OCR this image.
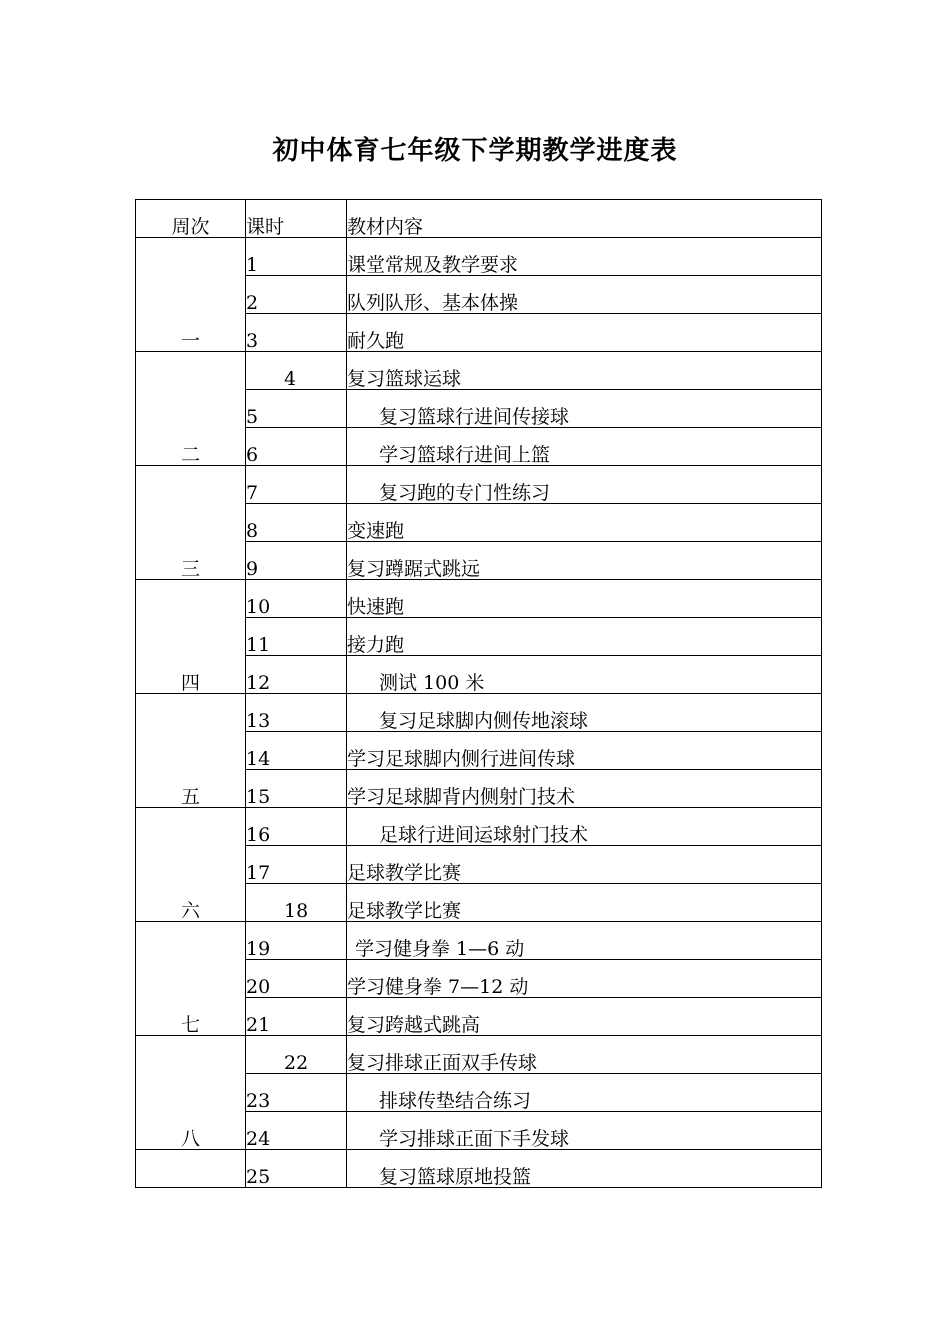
初中体育七年级下学期教学进度表
周次	课时	教材内容
一	1	课堂常规及教学要求
	2	队列队形、基本体操
	3	耐久跑
二	4	复习篮球运球
	5	复习篮球行进间传接球
	6	学习篮球行进间上篮
三	7	复习跑的专门性练习
	8	变速跑
	9	复习蹲踞式跳远
四	10	快速跑
	11	接力跑
	12	测试 100 米
五	13	复习足球脚内侧传地滚球
	14	学习足球脚内侧行进间传球
	15	学习足球脚背内侧射门技术
六	16	足球行进间运球射门技术
	17	足球教学比赛
	18	足球教学比赛
七	19	学习健身拳 1—6 动
	20	学习健身拳 7—12 动
	21	复习跨越式跳高
八	22	复习排球正面双手传球
	23	排球传垫结合练习
	24	学习排球正面下手发球
	25	复习篮球原地投篮
